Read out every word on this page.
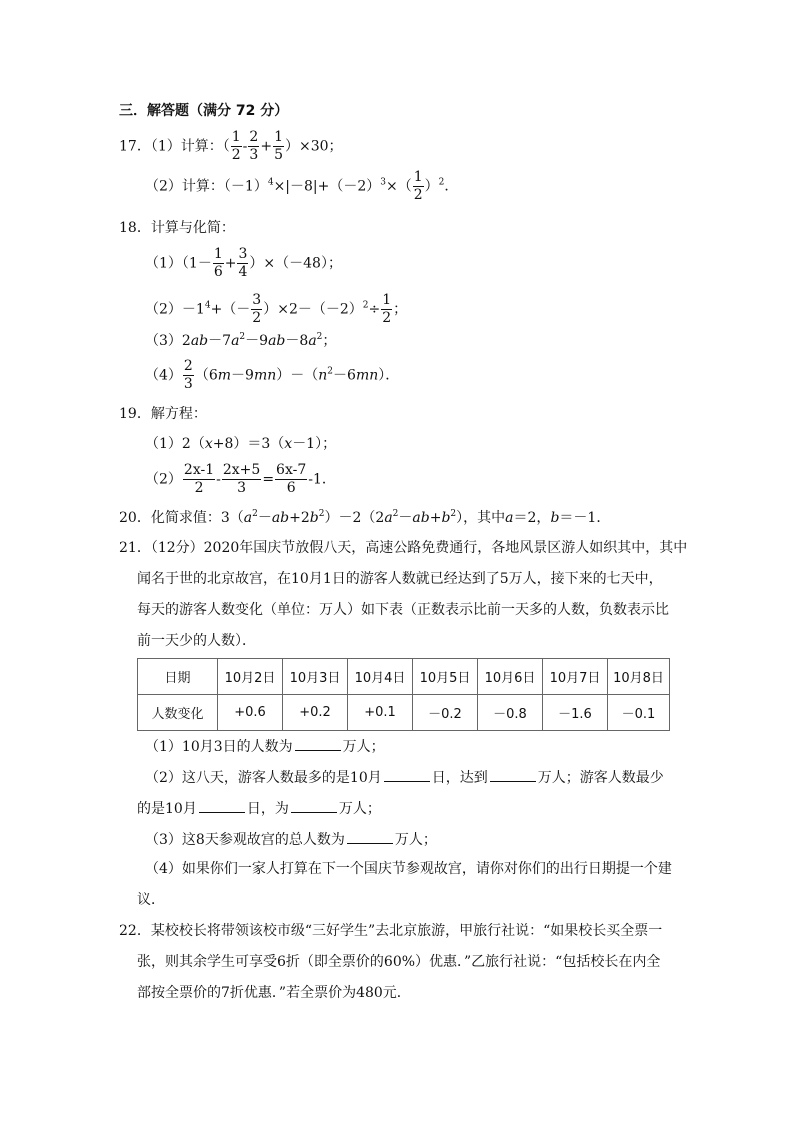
三．解答题（满分 72 分）
17．（1）计算：（ $\frac{1}{2} - \frac{2}{3} + \frac{1}{5} )\times 30$；
（2）计算：$(-1)^4\times|-8|+(-2)^3\times( \frac{1}{2} )^2$．
18．计算与化简：
$(1)(1- \frac{1}{6} + \frac{3}{4} )\times(-48)$；
$(2)-1^4+(- \frac{3}{2} )\times 2-(-2)^2\div \frac{1}{2}$ ；
$(3)2ab-7a^2-9ab-8a^2$；
$(4) \frac{2}{3} (6m-9mn)-(n^2-6mn)$．
19．解方程：
（1）2（x+8）＝3（x－1）；
$(2) \frac{2x-1}{2} - \frac{2x+5}{3} = \frac{6x-7}{6} -1$．
20．化简求值：$3(a^2-ab+2b^2)-2(2a^2-ab+b^2)$，其中a＝2，b＝－1．
21．（12分）2020年国庆节放假八天，高速公路免费通行，各地风景区游人如织其中，其中
闻名于世的北京故宫，在10月1日的游客人数就已经达到了5万人，接下来的七天中，
每天的游客人数变化（单位：万人）如下表（正数表示比前一天多的人数，负数表示比
前一天少的人数）．
日期	10月2日	10月3日	10月4日	10月5日	10月6日	10月7日	10月8日
人数变化	+0.6	+0.2	+0.1	－0.2	－0.8	－1.6	－0.1
（1）10月3日的人数为	万人；
（2）这八天，游客人数最多的是10月	日，达到	万人；游客人数最少
的是10月	日，为	万人；
（3）这8天参观故宫的总人数为	万人；
（4）如果你们一家人打算在下一个国庆节参观故宫，请你对你们的出行日期提一个建
议．
22．某校校长将带领该校市级“三好学生”去北京旅游，甲旅行社说：“如果校长买全票一
张，则其余学生可享受6折（即全票价的60%）优惠．”乙旅行社说：“包括校长在内全
部按全票价的7折优惠．”若全票价为480元．
